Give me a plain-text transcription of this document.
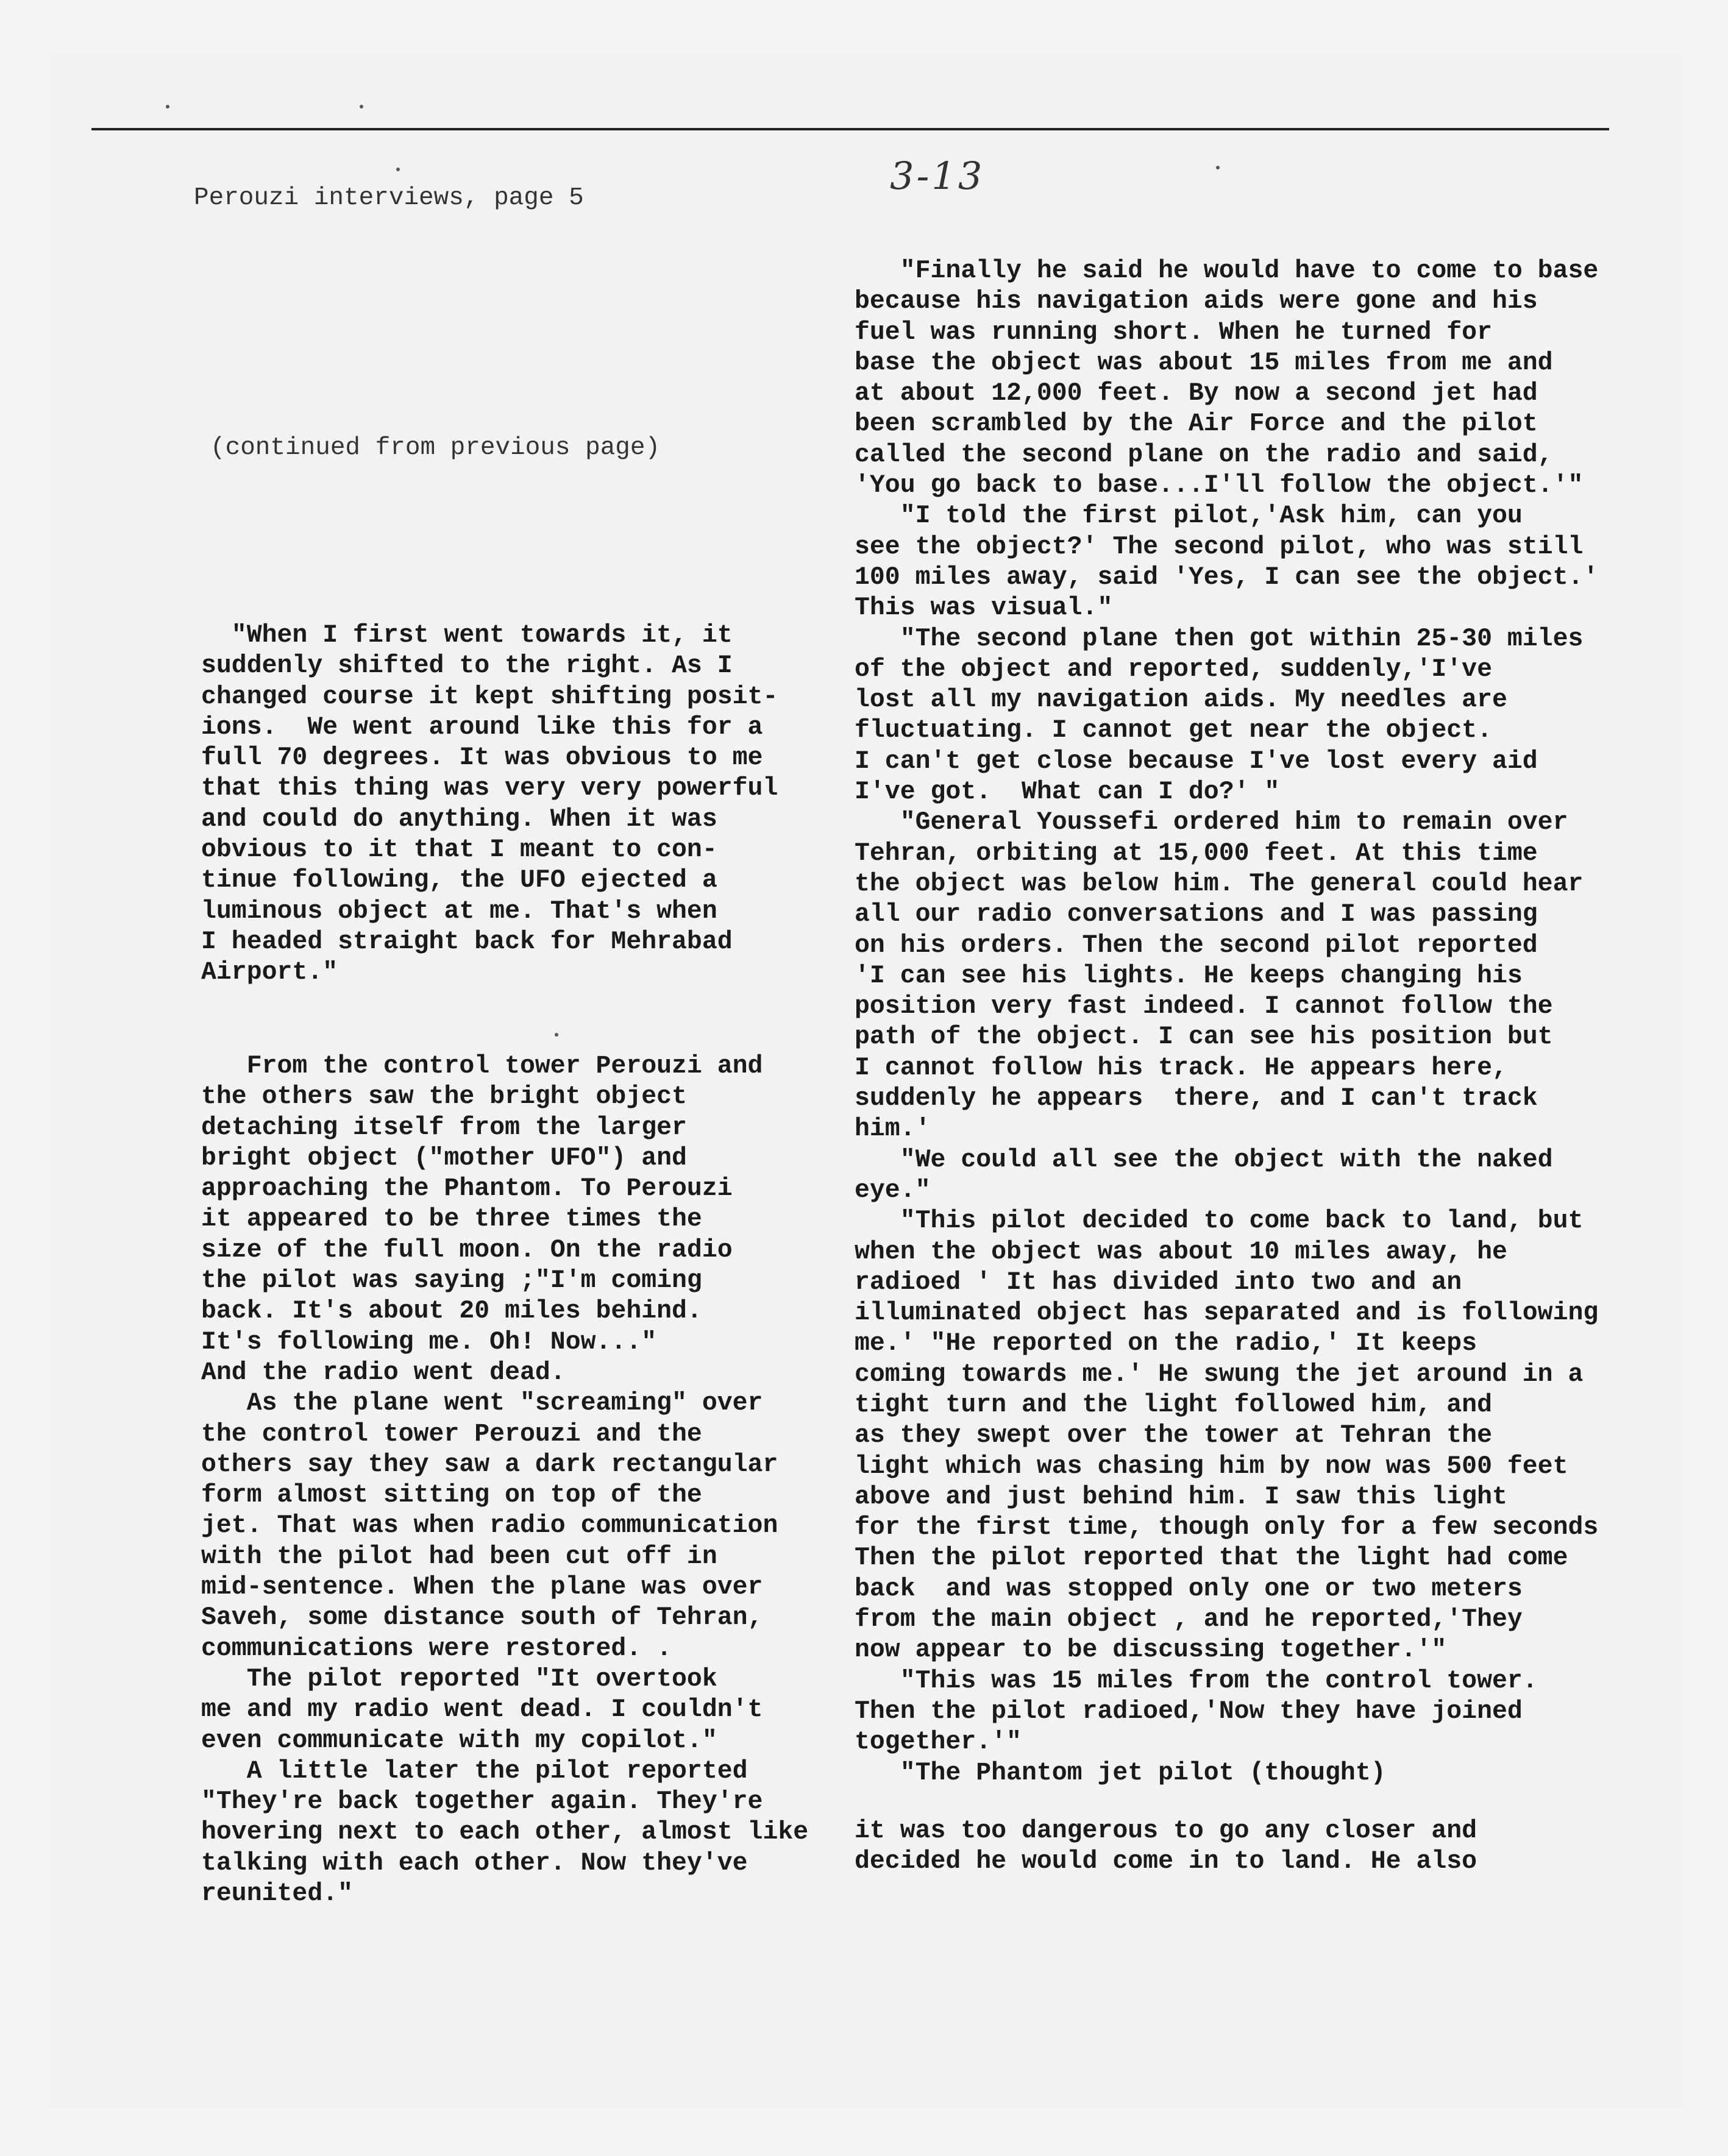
Perouzi interviews, page 5	3-13
(continued from previous page)
"When I first went towards it, it
suddenly shifted to the right. As I
changed course it kept shifting posit-
ions.  We went around like this for a
full 70 degrees. It was obvious to me
that this thing was very very powerful
and could do anything. When it was
obvious to it that I meant to con-
tinue following, the UFO ejected a
luminous object at me. That's when
I headed straight back for Mehrabad
Airport."
From the control tower Perouzi and
the others saw the bright object
detaching itself from the larger
bright object ("mother UFO") and
approaching the Phantom. To Perouzi
it appeared to be three times the
size of the full moon. On the radio
the pilot was saying ;"I'm coming
back. It's about 20 miles behind.
It's following me. Oh! Now..."
And the radio went dead.
As the plane went "screaming" over
the control tower Perouzi and the
others say they saw a dark rectangular
form almost sitting on top of the
jet. That was when radio communication
with the pilot had been cut off in
mid-sentence. When the plane was over
Saveh, some distance south of Tehran,
communications were restored. .
The pilot reported "It overtook
me and my radio went dead. I couldn't
even communicate with my copilot."
A little later the pilot reported
"They're back together again. They're
hovering next to each other, almost like
talking with each other. Now they've
reunited."
"Finally he said he would have to come to base
because his navigation aids were gone and his
fuel was running short. When he turned for
base the object was about 15 miles from me and
at about 12,000 feet. By now a second jet had
been scrambled by the Air Force and the pilot
called the second plane on the radio and said,
'You go back to base...I'll follow the object.'"
"I told the first pilot,'Ask him, can you
see the object?' The second pilot, who was still
100 miles away, said 'Yes, I can see the object.'
This was visual."
"The second plane then got within 25-30 miles
of the object and reported, suddenly,'I've
lost all my navigation aids. My needles are
fluctuating. I cannot get near the object.
I can't get close because I've lost every aid
I've got.  What can I do?' "
"General Youssefi ordered him to remain over
Tehran, orbiting at 15,000 feet. At this time
the object was below him. The general could hear
all our radio conversations and I was passing
on his orders. Then the second pilot reported
'I can see his lights. He keeps changing his
position very fast indeed. I cannot follow the
path of the object. I can see his position but
I cannot follow his track. He appears here,
suddenly he appears  there, and I can't track
him.'
"We could all see the object with the naked
eye."
"This pilot decided to come back to land, but
when the object was about 10 miles away, he
radioed ' It has divided into two and an
illuminated object has separated and is following
me.' "He reported on the radio,' It keeps
coming towards me.' He swung the jet around in a
tight turn and the light followed him, and
as they swept over the tower at Tehran the
light which was chasing him by now was 500 feet
above and just behind him. I saw this light
for the first time, though only for a few seconds
Then the pilot reported that the light had come
back  and was stopped only one or two meters
from the main object , and he reported,'They
now appear to be discussing together.'"
"This was 15 miles from the control tower.
Then the pilot radioed,'Now they have joined
together.'"
"The Phantom jet pilot (thought)
it was too dangerous to go any closer and
decided he would come in to land. He also
